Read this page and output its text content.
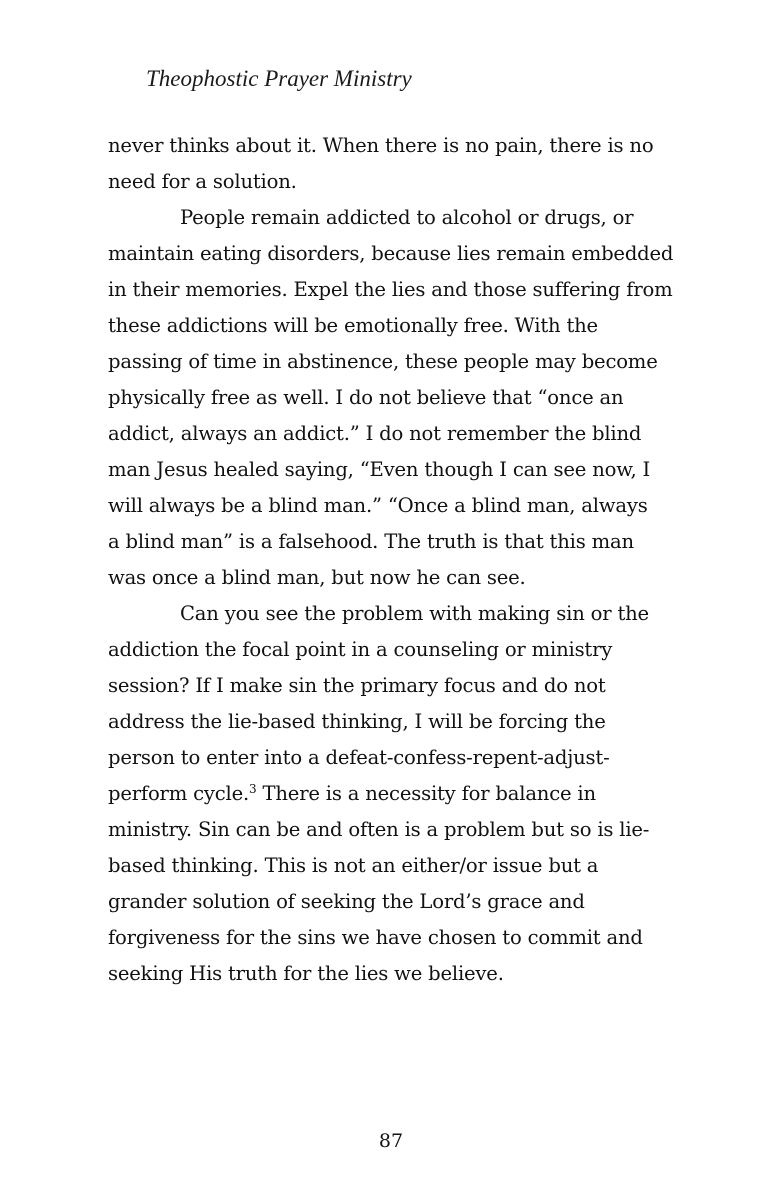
Theophostic Prayer Ministry

never thinks about it. When there is no pain, there is no
need for a solution.

People remain addicted to alcohol or drugs, or
maintain eating disorders, because lies remain embedded
in their memories. Expel the lies and those suffering from
these addictions will be emotionally free. With the
passing of time in abstinence, these people may become
physically free as well. I do not believe that “once an
addict, always an addict.” I do not remember the blind
man Jesus healed saying, “Even though I can see now, I
will always be a blind man.” “Once a blind man, always
a blind man” is a falsehood. The truth is that this man
was once a blind man, but now he can see.

Can you see the problem with making sin or the
addiction the focal point in a counseling or ministry
session? If I make sin the primary focus and do not
address the lie-based thinking, I will be forcing the
person to enter into a defeat-confess-repent-adjust-
perform cycle.$^3$ There is a necessity for balance in
ministry. Sin can be and often is a problem but so is lie-
based thinking. This is not an either/or issue but a
grander solution of seeking the Lord’s grace and
forgiveness for the sins we have chosen to commit and
seeking His truth for the lies we believe.

87
